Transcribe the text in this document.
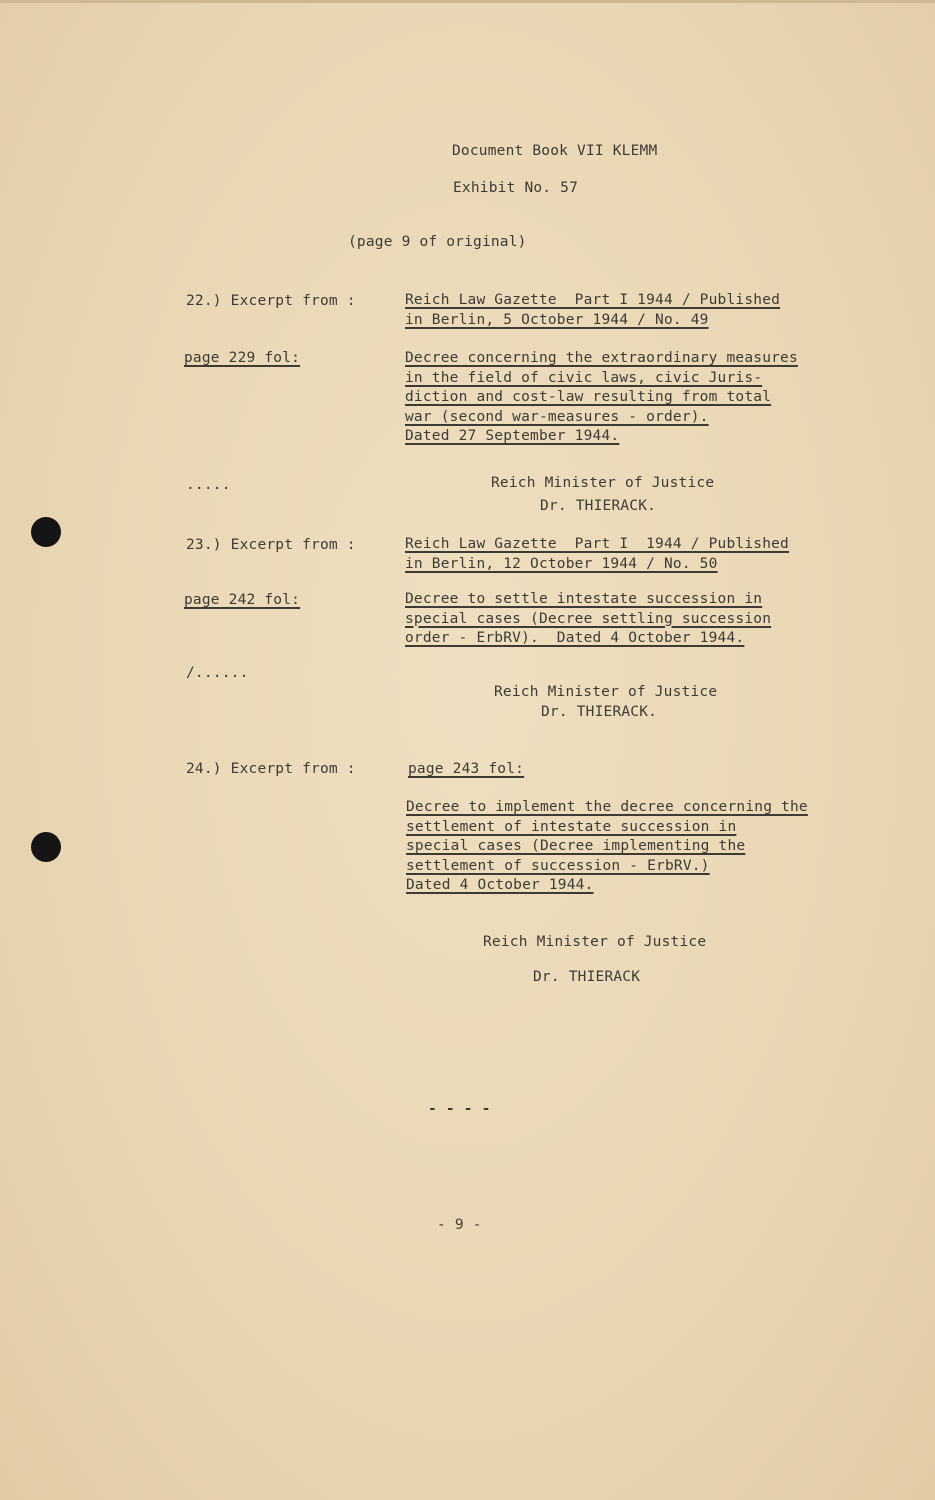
Document Book VII KLEMM
Exhibit No. 57
(page 9 of original)
22.) Excerpt from :	Reich Law Gazette  Part I 1944 / Published
in Berlin, 5 October 1944 / No. 49
page 229 fol:	Decree concerning the extraordinary measures
in the field of civic laws, civic Juris-
diction and cost-law resulting from total
war (second war-measures - order).
Dated 27 September 1944.
.....	Reich Minister of Justice
Dr. THIERACK.
23.) Excerpt from :	Reich Law Gazette  Part I  1944 / Published
in Berlin, 12 October 1944 / No. 50
page 242 fol:	Decree to settle intestate succession in
special cases (Decree settling succession
order - ErbRV).  Dated 4 October 1944.
/......
Reich Minister of Justice
Dr. THIERACK.
24.) Excerpt from :	page 243 fol:
Decree to implement the decree concerning the
settlement of intestate succession in
special cases (Decree implementing the
settlement of succession - ErbRV.)
Dated 4 October 1944.
Reich Minister of Justice
Dr. THIERACK
- - - -
- 9 -
